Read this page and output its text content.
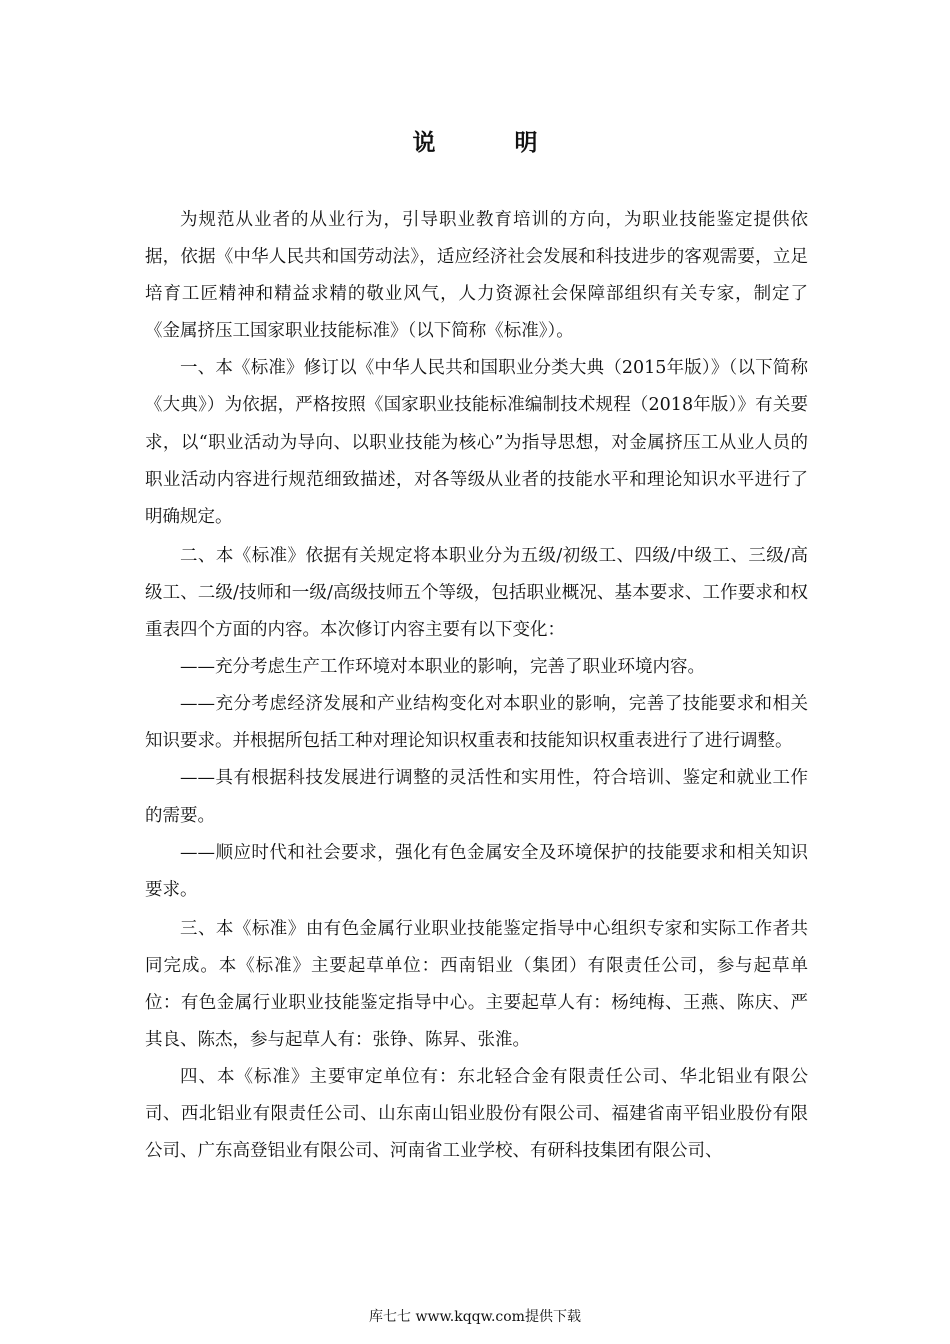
说　明

为规范从业者的从业行为，引导职业教育培训的方向，为职业技能鉴定提供依据，依据《中华人民共和国劳动法》，适应经济社会发展和科技进步的客观需要，立足培育工匠精神和精益求精的敬业风气，人力资源社会保障部组织有关专家，制定了《金属挤压工国家职业技能标准》（以下简称《标准》）。

一、本《标准》修订以《中华人民共和国职业分类大典（2015年版）》（以下简称《大典》）为依据，严格按照《国家职业技能标准编制技术规程（2018年版）》有关要求，以“职业活动为导向、以职业技能为核心”为指导思想，对金属挤压工从业人员的职业活动内容进行规范细致描述，对各等级从业者的技能水平和理论知识水平进行了明确规定。

二、本《标准》依据有关规定将本职业分为五级/初级工、四级/中级工、三级/高级工、二级/技师和一级/高级技师五个等级，包括职业概况、基本要求、工作要求和权重表四个方面的内容。本次修订内容主要有以下变化：

——充分考虑生产工作环境对本职业的影响，完善了职业环境内容。

——充分考虑经济发展和产业结构变化对本职业的影响，完善了技能要求和相关知识要求。并根据所包括工种对理论知识权重表和技能知识权重表进行了进行调整。

——具有根据科技发展进行调整的灵活性和实用性，符合培训、鉴定和就业工作的需要。

——顺应时代和社会要求，强化有色金属安全及环境保护的技能要求和相关知识要求。

三、本《标准》由有色金属行业职业技能鉴定指导中心组织专家和实际工作者共同完成。本《标准》主要起草单位：西南铝业（集团）有限责任公司，参与起草单位：有色金属行业职业技能鉴定指导中心。主要起草人有：杨纯梅、王燕、陈庆、严其良、陈杰，参与起草人有：张铮、陈昇、张淮。

四、本《标准》主要审定单位有：东北轻合金有限责任公司、华北铝业有限公司、西北铝业有限责任公司、山东南山铝业股份有限公司、福建省南平铝业股份有限公司、广东高登铝业有限公司、河南省工业学校、有研科技集团有限公司、

库七七 www.kqqw.com提供下载
